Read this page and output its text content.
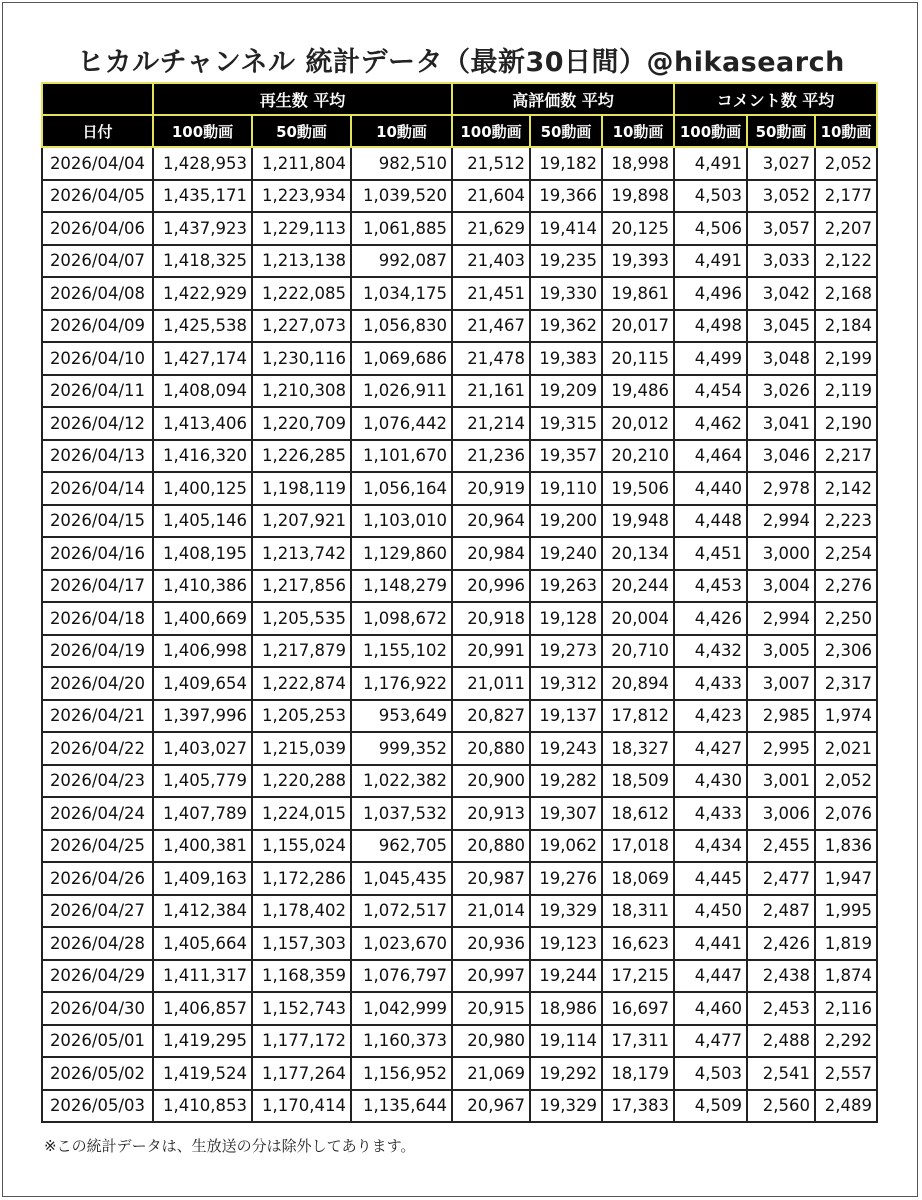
ヒカルチャンネル 統計データ（最新30日間）@hikasearch
	再生数 平均			高評価数 平均			コメント数 平均		
日付	100動画	50動画	10動画	100動画	50動画	10動画	100動画	50動画	10動画
2026/04/04	1,428,953	1,211,804	982,510	21,512	19,182	18,998	4,491	3,027	2,052
2026/04/05	1,435,171	1,223,934	1,039,520	21,604	19,366	19,898	4,503	3,052	2,177
2026/04/06	1,437,923	1,229,113	1,061,885	21,629	19,414	20,125	4,506	3,057	2,207
2026/04/07	1,418,325	1,213,138	992,087	21,403	19,235	19,393	4,491	3,033	2,122
2026/04/08	1,422,929	1,222,085	1,034,175	21,451	19,330	19,861	4,496	3,042	2,168
2026/04/09	1,425,538	1,227,073	1,056,830	21,467	19,362	20,017	4,498	3,045	2,184
2026/04/10	1,427,174	1,230,116	1,069,686	21,478	19,383	20,115	4,499	3,048	2,199
2026/04/11	1,408,094	1,210,308	1,026,911	21,161	19,209	19,486	4,454	3,026	2,119
2026/04/12	1,413,406	1,220,709	1,076,442	21,214	19,315	20,012	4,462	3,041	2,190
2026/04/13	1,416,320	1,226,285	1,101,670	21,236	19,357	20,210	4,464	3,046	2,217
2026/04/14	1,400,125	1,198,119	1,056,164	20,919	19,110	19,506	4,440	2,978	2,142
2026/04/15	1,405,146	1,207,921	1,103,010	20,964	19,200	19,948	4,448	2,994	2,223
2026/04/16	1,408,195	1,213,742	1,129,860	20,984	19,240	20,134	4,451	3,000	2,254
2026/04/17	1,410,386	1,217,856	1,148,279	20,996	19,263	20,244	4,453	3,004	2,276
2026/04/18	1,400,669	1,205,535	1,098,672	20,918	19,128	20,004	4,426	2,994	2,250
2026/04/19	1,406,998	1,217,879	1,155,102	20,991	19,273	20,710	4,432	3,005	2,306
2026/04/20	1,409,654	1,222,874	1,176,922	21,011	19,312	20,894	4,433	3,007	2,317
2026/04/21	1,397,996	1,205,253	953,649	20,827	19,137	17,812	4,423	2,985	1,974
2026/04/22	1,403,027	1,215,039	999,352	20,880	19,243	18,327	4,427	2,995	2,021
2026/04/23	1,405,779	1,220,288	1,022,382	20,900	19,282	18,509	4,430	3,001	2,052
2026/04/24	1,407,789	1,224,015	1,037,532	20,913	19,307	18,612	4,433	3,006	2,076
2026/04/25	1,400,381	1,155,024	962,705	20,880	19,062	17,018	4,434	2,455	1,836
2026/04/26	1,409,163	1,172,286	1,045,435	20,987	19,276	18,069	4,445	2,477	1,947
2026/04/27	1,412,384	1,178,402	1,072,517	21,014	19,329	18,311	4,450	2,487	1,995
2026/04/28	1,405,664	1,157,303	1,023,670	20,936	19,123	16,623	4,441	2,426	1,819
2026/04/29	1,411,317	1,168,359	1,076,797	20,997	19,244	17,215	4,447	2,438	1,874
2026/04/30	1,406,857	1,152,743	1,042,999	20,915	18,986	16,697	4,460	2,453	2,116
2026/05/01	1,419,295	1,177,172	1,160,373	20,980	19,114	17,311	4,477	2,488	2,292
2026/05/02	1,419,524	1,177,264	1,156,952	21,069	19,292	18,179	4,503	2,541	2,557
2026/05/03	1,410,853	1,170,414	1,135,644	20,967	19,329	17,383	4,509	2,560	2,489
※この統計データは、生放送の分は除外してあります。
